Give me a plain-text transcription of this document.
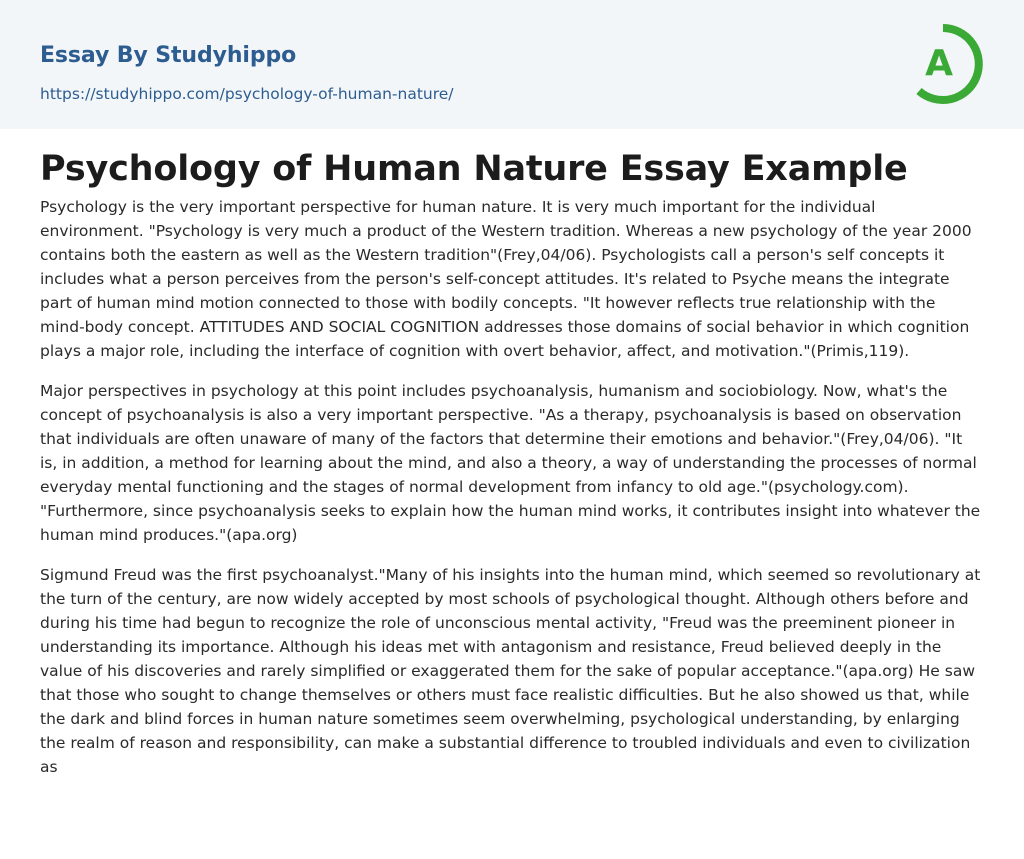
Essay By Studyhippo
https://studyhippo.com/psychology-of-human-nature/
A
Psychology of Human Nature Essay Example

Psychology is the very important perspective for human nature. It is very much important for the individual environment. "Psychology is very much a product of the Western tradition. Whereas a new psychology of the year 2000 contains both the eastern as well as the Western tradition"(Frey,04/06). Psychologists call a person's self concepts it includes what a person perceives from the person's self-concept attitudes. It's related to Psyche means the integrate part of human mind motion connected to those with bodily concepts. "It however reflects true relationship with the mind-body concept. ATTITUDES AND SOCIAL COGNITION addresses those domains of social behavior in which cognition plays a major role, including the interface of cognition with overt behavior, affect, and motivation."(Primis,119).

Major perspectives in psychology at this point includes psychoanalysis, humanism and sociobiology. Now, what's the concept of psychoanalysis is also a very important perspective. "As a therapy, psychoanalysis is based on observation that individuals are often unaware of many of the factors that determine their emotions and behavior."(Frey,04/06). "It is, in addition, a method for learning about the mind, and also a theory, a way of understanding the processes of normal everyday mental functioning and the stages of normal development from infancy to old age."(psychology.com). "Furthermore, since psychoanalysis seeks to explain how the human mind works, it contributes insight into whatever the human mind produces."(apa.org)

Sigmund Freud was the first psychoanalyst."Many of his insights into the human mind, which seemed so revolutionary at the turn of the century, are now widely accepted by most schools of psychological thought. Although others before and during his time had begun to recognize the role of unconscious mental activity, "Freud was the preeminent pioneer in understanding its importance. Although his ideas met with antagonism and resistance, Freud believed deeply in the value of his discoveries and rarely simplified or exaggerated them for the sake of popular acceptance."(apa.org) He saw that those who sought to change themselves or others must face realistic difficulties. But he also showed us that, while the dark and blind forces in human nature sometimes seem overwhelming, psychological understanding, by enlarging the realm of reason and responsibility, can make a substantial difference to troubled individuals and even to civilization as
